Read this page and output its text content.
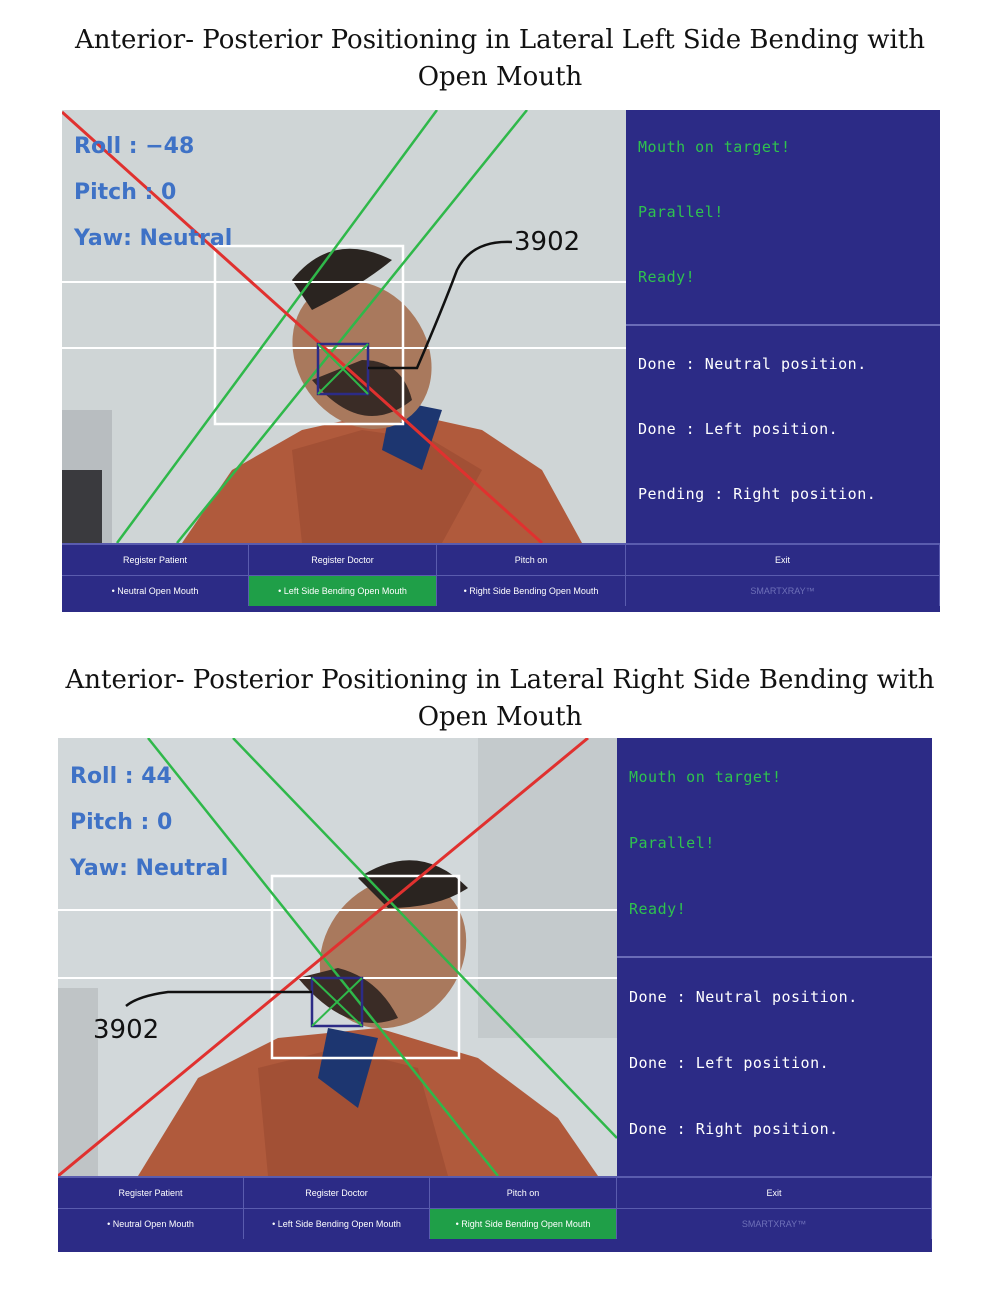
Anterior- Posterior Positioning in Lateral Left Side Bending with
Open Mouth
Roll : −48
Pitch : 0
Yaw: Neutral	3902
Mouth on target!
Parallel!
Ready!
Done : Neutral position.
Done : Left position.
Pending : Right position.
Register Patient	Register Doctor	Pitch on	Exit
• Neutral Open Mouth	• Left Side Bending Open Mouth	• Right Side Bending Open Mouth	SMARTXRAY™
Anterior- Posterior Positioning in Lateral Right Side Bending with
Open Mouth
Roll : 44
Pitch : 0
Yaw: Neutral
3902
Mouth on target!
Parallel!
Ready!
Done : Neutral position.
Done : Left position.
Done : Right position.
Register Patient	Register Doctor	Pitch on	Exit
• Neutral Open Mouth	• Left Side Bending Open Mouth	• Right Side Bending Open Mouth	SMARTXRAY™
